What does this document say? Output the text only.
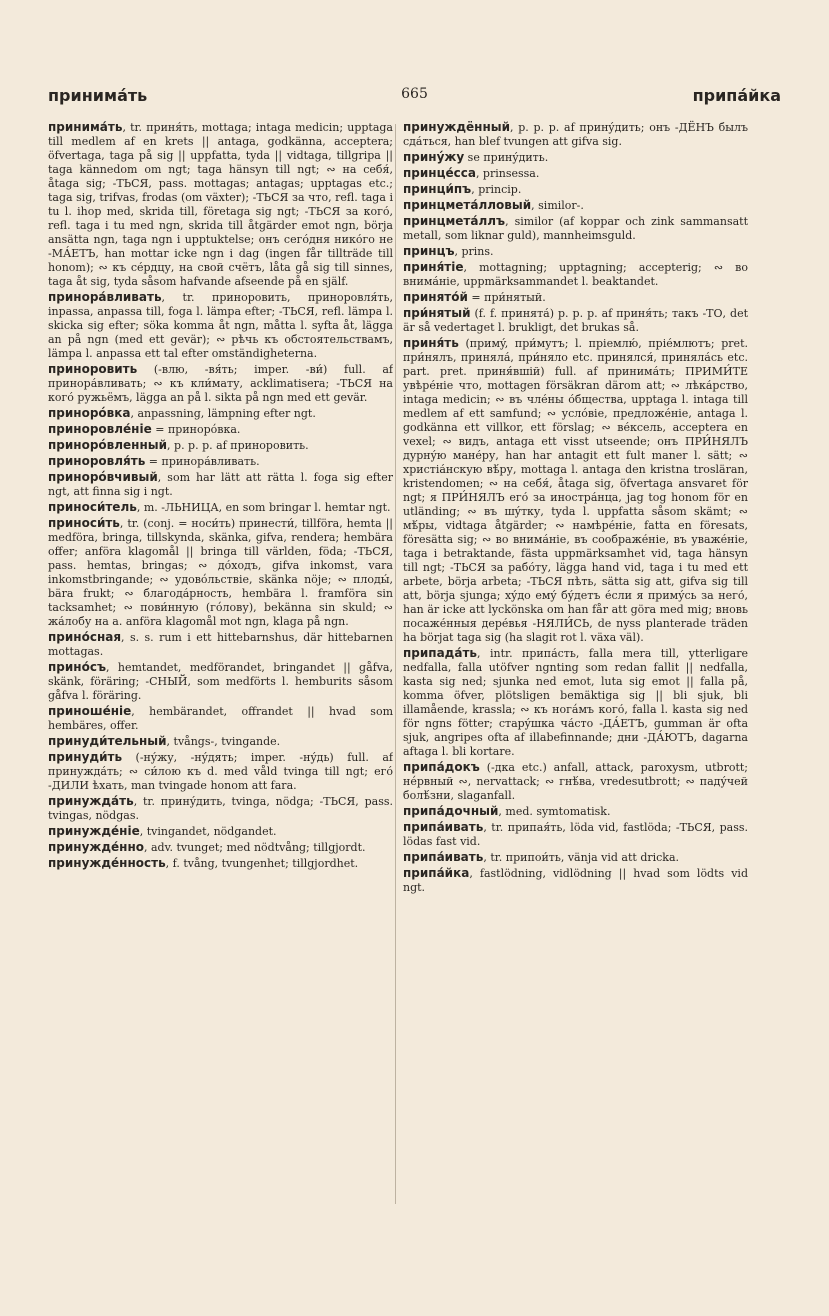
принима́ть	665	припа́йка

принима́ть, tr. приня́ть, mottaga; intaga medicin; upptaga till medlem af en krets || antaga, godkänna, acceptera; öfvertaga, taga på sig || uppfatta, tyda || vidtaga, tillgripa || taga kännedom om ngt; taga hänsyn till ngt; ∾ на себя́, åtaga sig; -ТЬСЯ, pass. mottagas; antagas; upptagas etc.; taga sig, trifvas, frodas (om växter); -ТЬСЯ за что, refl. taga i tu l. ihop med, skrida till, företaga sig ngt; -ТЬСЯ за кого́, refl. taga i tu med ngn, skrida till åtgärder emot ngn, börja ansätta ngn, taga ngn i upptuktelse; онъ сего́дня нико́го не -МА́ЕТЪ, han mottar icke ngn i dag (ingen får tillträde till honom); ∾ къ се́рдцу, на свой счётъ, låta gå sig till sinnes, taga åt sig, tyda såsom hafvande afseende på en själf.

принора́вливать, tr. приноровить, приноровля́ть, inpassa, anpassa till, foga l. lämpa efter; -ТЬСЯ, refl. lämpa l. skicka sig efter; söka komma åt ngn, måtta l. syfta åt, lägga an på ngn (med ett gevär); ∾ рѣчь къ обстоятельствамъ, lämpa l. anpassa ett tal efter omständigheterna.

приноровить (-влю, -вя́ть; imper. -ви́) full. af принора́вливать; ∾ къ кли́мату, acklimatisera; -ТЬСЯ на кого́ ружьёмъ, lägga an på l. sikta på ngn med ett gevär.

принорóвка, anpassning, lämpning efter ngt.

приноровле́ніе = принорóвка.

принорóвленный, p. p. p. af приноровить.

приноровля́ть = принора́вливать.

принорóвчивый, som har lätt att rätta l. foga sig efter ngt, att finna sig i ngt.

приноси́тель, m. -ЛЬНИЦА, en som bringar l. hemtar ngt.

приноси́ть, tr. (conj. = носи́ть) принести́, tillföra, hemta || medföra, bringa, tillskynda, skänka, gifva, rendera; hembära offer; anföra klagomål || bringa till världen, föda; -ТЬСЯ, pass. hemtas, bringas; ∾ до́ходъ, gifva inkomst, vara inkomstbringande; ∾ удовóльствіе, skänka nöje; ∾ плоды́, bära frukt; ∾ благода́рность, hembära l. framföra sin tacksamhet; ∾ пови́нную (гóлову), bekänna sin skuld; ∾ жа́лобу на a. anföra klagomål mot ngn, klaga på ngn.

прино́сная, s. s. rum i ett hittebarnshus, där hittebarnen mottagas.

прино́съ, hemtandet, medförandet, bringandet || gåfva, skänk, föräring; -СНЫЙ, som medförts l. hemburits såsom gåfva l. föräring.

приноше́ніе, hembärandet, offrandet || hvad som hembäres, offer.

принуди́тельный, tvångs-, tvingande.

принуди́ть (-нýжу, -нýдять; imper. -нýдь) full. af принужда́ть; ∾ си́лою къ d. med våld tvinga till ngt; его́ -ДИЛИ ѣхать, man tvingade honom att fara.

принужда́ть, tr. принýдить, tvinga, nödga; -ТЬСЯ, pass. tvingas, nödgas.

принужде́ніе, tvingandet, nödgandet.

принужде́нно, adv. tvunget; med nödtvång; tillgjordt.

принужде́нность, f. tvång, tvungenhet; tillgjordhet.

принуждённый, p. p. p. af принýдить; онъ -ДЁНЪ былъ сда́ться, han blef tvungen att gifva sig.

принýжу se принýдить.

принце́сса, prinsessa.

принци́пъ, princip.

принцмета́лловый, similor-.

принцмета́ллъ, similor (af koppar och zink sammansatt metall, som liknar guld), mannheimsguld.

принцъ, prins.

приня́тіе, mottagning; upptagning; accepterig; ∾ во внима́ніе, uppmärksammandet l. beaktandet.

принято́й = при́нятый.

при́нятый (f. f. принята́) p. p. p. af приня́ть; такъ -ТО, det är så vedertaget l. brukligt, det brukas så.

приня́ть (примý, при́мутъ; l. пріемлю́, пріе́млютъ; pret. при́нялъ, приняла́, при́няло etc. принялся́, приняла́сь etc. part. pret. приня́вшій) full. af принима́ть; ПРИМИ́ТЕ увѣре́ніе что, mottagen försäkran därom att; ∾ лѣка́рство, intaga medicin; ∾ въ чле́ны о́бщества, upptaga l. intaga till medlem af ett samfund; ∾ услóвіе, предложе́ніе, antaga l. godkänna ett villkor, ett förslag; ∾ ве́ксель, acceptera en vexel; ∾ видъ, antaga ett visst utseende; онъ ПРИ́НЯЛЪ дурнýю мане́ру, han har antagit ett fult maner l. sätt; ∾ христіа́нскую вѣ́ру, mottaga l. antaga den kristna trosläran, kristendomen; ∾ на себя́, åtaga sig, öfvertaga ansvaret för ngt; я ПРИ́НЯЛЪ его́ за иностра́нца, jag tog honom för en utländing; ∾ въ шýтку, tyda l. uppfatta såsom skämt; ∾ мѣ́ры, vidtaga åtgärder; ∾ намѣре́ніе, fatta en föresats, föresätta sig; ∾ во внима́ніе, въ соображе́ніе, въ уваже́ніе, taga i betraktande, fästa uppmärksamhet vid, taga hänsyn till ngt; -ТЬСЯ за рабо́ту, lägga hand vid, taga i tu med ett arbete, börja arbeta; -ТЬСЯ пѣть, sätta sig att, gifva sig till att, börja sjunga; хýдо емý бýдетъ е́сли я примýсь за него́, han är icke att lyckönska om han får att göra med mig; вновь посаже́нныя дере́вья -НЯЛИ́СЬ, de nyss planterade träden ha börjat taga sig (ha slagit rot l. växa väl).

припада́ть, intr. припа́сть, falla mera till, ytterligare nedfalla, falla utöfver ngnting som redan fallit || nedfalla, kasta sig ned; sjunka ned emot, luta sig emot || falla på, komma öfver, plötsligen bemäktiga sig || bli sjuk, bli illamående, krassla; ∾ къ ногáмъ кого́, falla l. kasta sig ned för ngns fötter; старýшка ча́сто -ДА́ЕТЪ, gumman är ofta sjuk, angripes ofta af illabefinnande; дни -ДА́ЮТЪ, dagarna aftaga l. bli kortare.

припа́докъ (-дка etc.) anfall, attack, paroxysm, utbrott; нéрвный ∾, nervattack; ∾ гнѣ́ва, vredesutbrott; ∾ паду́чей болѣ́зни, slaganfall.

припа́дочный, med. symtomatisk.

припа́ивать, tr. припая́ть, löda vid, fastlöda; -ТЬСЯ, pass. lödas fast vid.

припа́ивать, tr. припои́ть, vänja vid att dricka.

припа́йка, fastlödning, vidlödning || hvad som lödts vid ngt.
